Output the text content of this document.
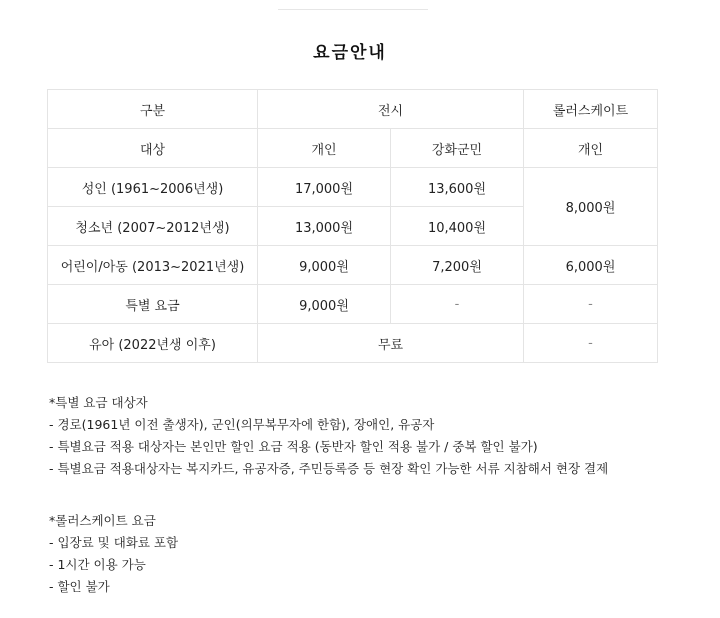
요금안내
구분	전시		롤러스케이트
대상	개인	강화군민	개인
성인 (1961~2006년생)	17,000원	13,600원	8,000원
청소년 (2007~2012년생)	13,000원	10,400원	
어린이/아동 (2013~2021년생)	9,000원	7,200원	6,000원
특별 요금	9,000원	-	-
유아 (2022년생 이후)	무료		-
*특별 요금 대상자
- 경로(1961년 이전 출생자), 군인(의무복무자에 한함), 장애인, 유공자
- 특별요금 적용 대상자는 본인만 할인 요금 적용 (동반자 할인 적용 불가 / 중복 할인 불가)
- 특별요금 적용대상자는 복지카드, 유공자증, 주민등록증 등 현장 확인 가능한 서류 지참해서 현장 결제
*롤러스케이트 요금
- 입장료 및 대화료 포함
- 1시간 이용 가능
- 할인 불가
